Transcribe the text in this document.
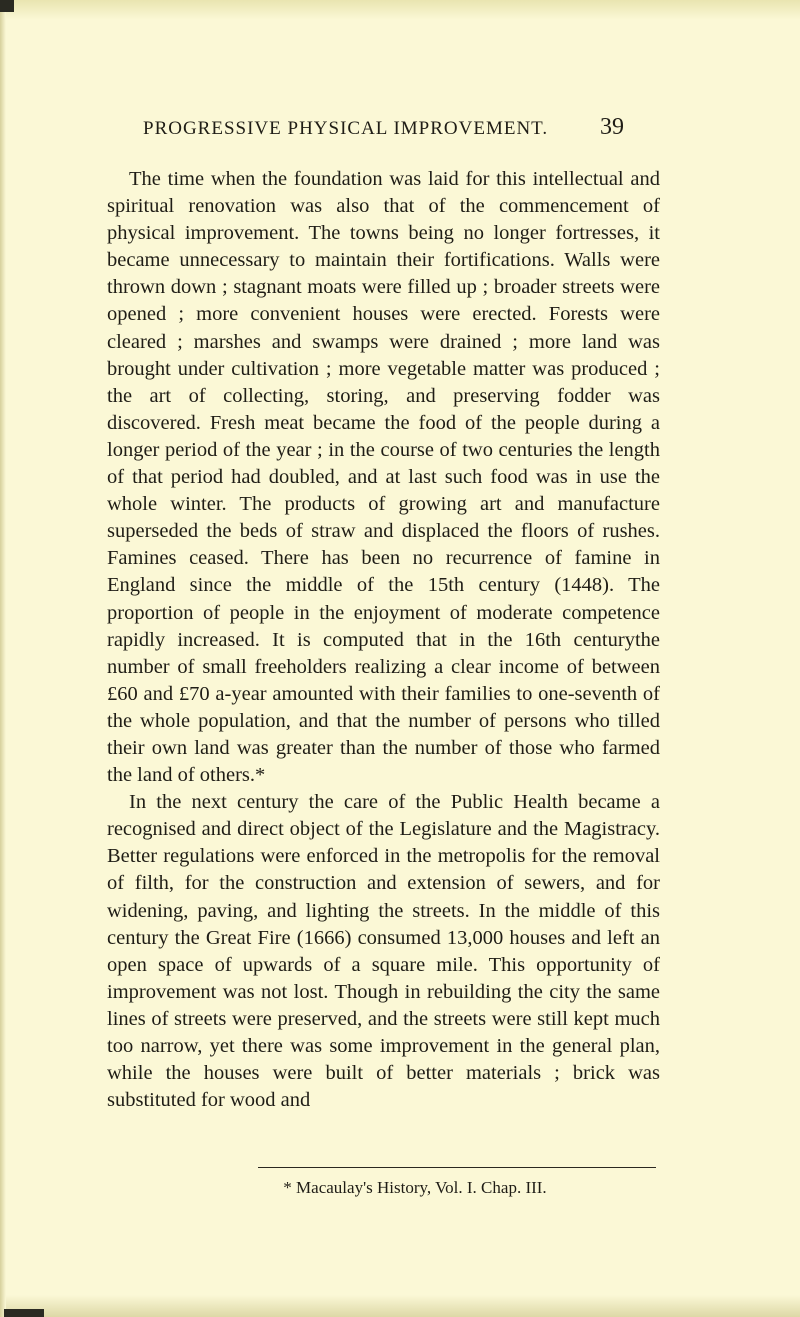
PROGRESSIVE PHYSICAL IMPROVEMENT. 39

The time when the foundation was laid for this intellectual and spiritual renovation was also that of the commencement of physical improvement. The towns being no longer fortresses, it became unnecessary to maintain their fortifications. Walls were thrown down ; stagnant moats were filled up ; broader streets were opened ; more convenient houses were erected. Forests were cleared ; marshes and swamps were drained ; more land was brought under cultivation ; more vegetable matter was produced ; the art of collecting, storing, and preserving fodder was discovered. Fresh meat became the food of the people during a longer period of the year ; in the course of two centuries the length of that period had doubled, and at last such food was in use the whole winter. The products of growing art and manufacture superseded the beds of straw and displaced the floors of rushes. Famines ceased. There has been no recurrence of famine in England since the middle of the 15th century (1448). The proportion of people in the enjoyment of moderate competence rapidly increased. It is computed that in the 16th centurythe number of small freeholders realizing a clear income of between £60 and £70 a-year amounted with their families to one-seventh of the whole population, and that the number of persons who tilled their own land was greater than the number of those who farmed the land of others.*

In the next century the care of the Public Health became a recognised and direct object of the Legislature and the Magistracy. Better regulations were enforced in the metropolis for the removal of filth, for the construction and extension of sewers, and for widening, paving, and lighting the streets. In the middle of this century the Great Fire (1666) consumed 13,000 houses and left an open space of upwards of a square mile. This opportunity of improvement was not lost. Though in rebuilding the city the same lines of streets were preserved, and the streets were still kept much too narrow, yet there was some improvement in the general plan, while the houses were built of better materials ; brick was substituted for wood and

* Macaulay's History, Vol. I. Chap. III.
